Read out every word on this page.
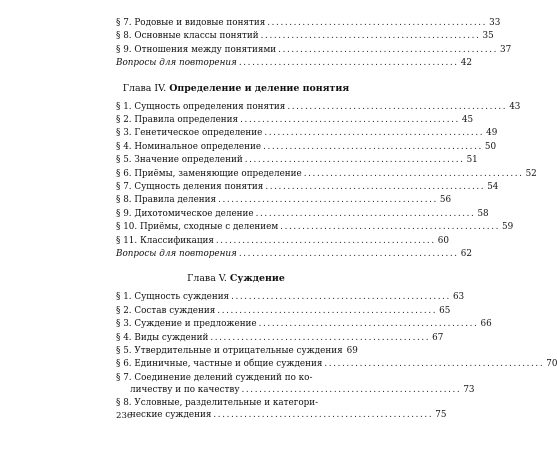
§ 7. Родовые и видовые понятия .................................................. 33
§ 8. Основные классы понятий .................................................. 35
§ 9. Отношения между понятиями .................................................. 37
Вопросы для повторения .................................................. 42
Глава IV. Определение и деление понятия
§ 1. Сущность определения понятия .................................................. 43
§ 2. Правила определения .................................................. 45
§ 3. Генетическое определение .................................................. 49
§ 4. Номинальное определение .................................................. 50
§ 5. Значение определений .................................................. 51
§ 6. Приёмы, заменяющие определение .................................................. 52
§ 7. Сущность деления понятия .................................................. 54
§ 8. Правила деления .................................................. 56
§ 9. Дихотомическое деление .................................................. 58
§ 10. Приёмы, сходные с делением .................................................. 59
§ 11. Классификация .................................................. 60
Вопросы для повторения .................................................. 62
Глава V. Суждение
§ 1. Сущность суждения .................................................. 63
§ 2. Состав суждения .................................................. 65
§ 3. Суждение и предложение .................................................. 66
§ 4. Виды суждений .................................................. 67
§ 5. Утвердительные и отрицательные суждения 69
§ 6. Единичные, частные и общие суждения .................................................. 70
§ 7. Соединение делений суждений по ко-
личеству и по качеству .................................................. 73
§ 8. Условные, разделительные и категори-
ческие суждения .................................................. 75
236
